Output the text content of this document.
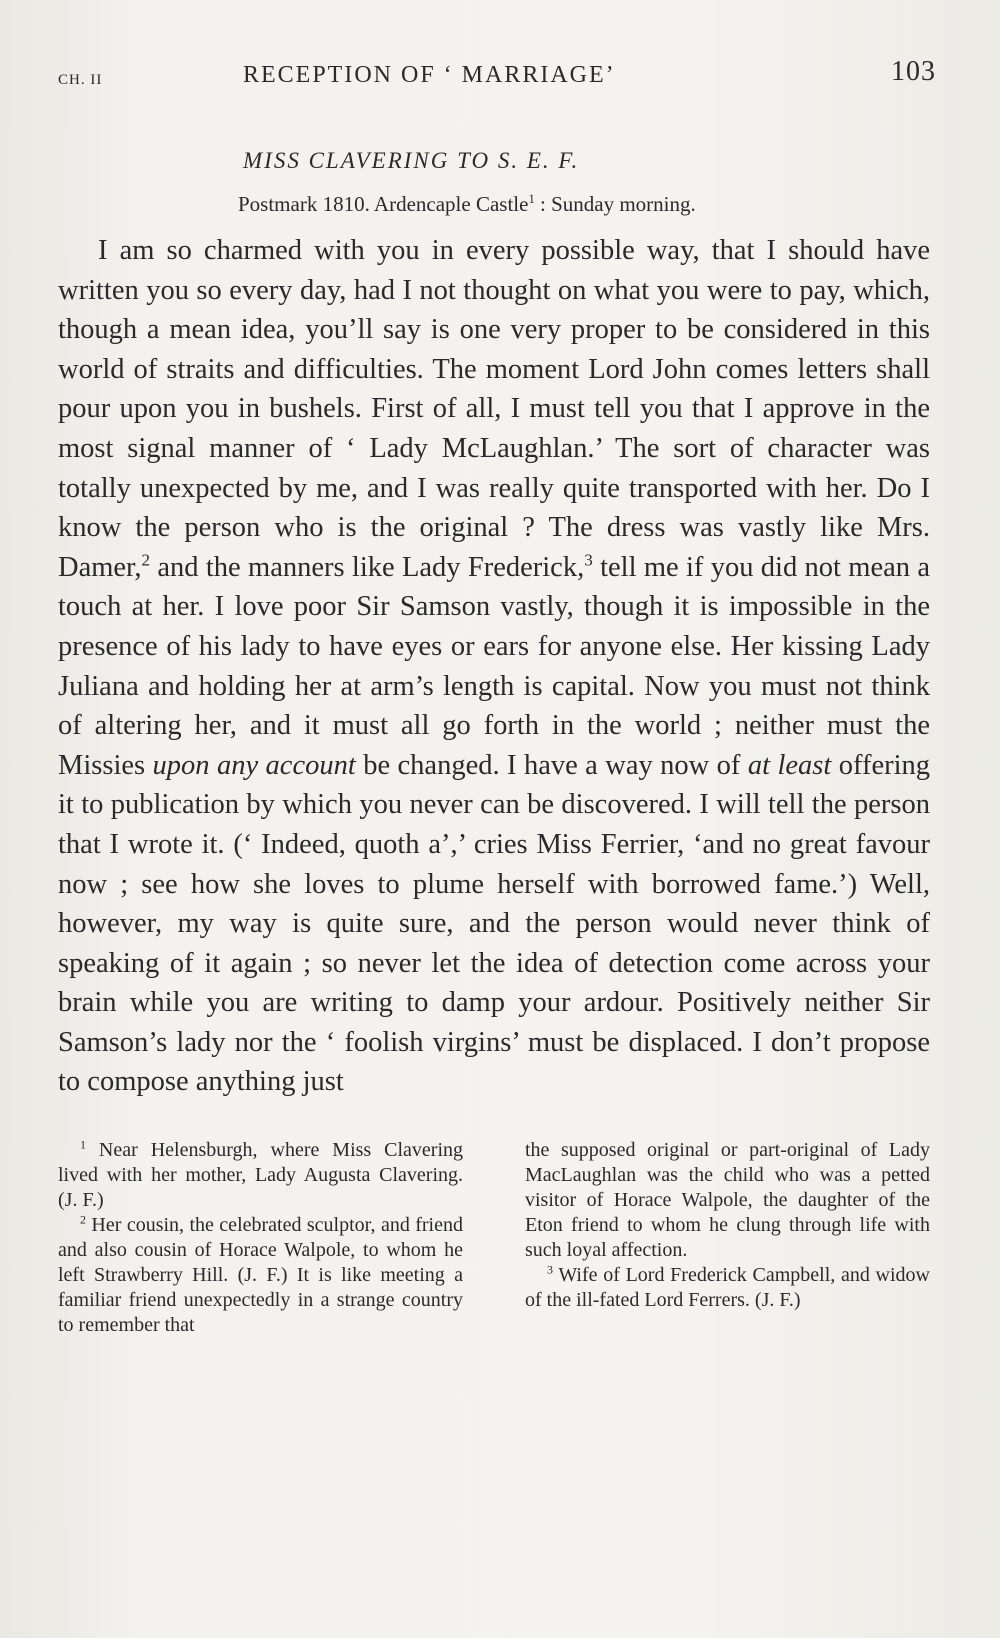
CH. II	RECEPTION OF ‘ MARRIAGE’	103
MISS CLAVERING TO S. E. F.
Postmark 1810. Ardencaple Castle$^1$ : Sunday morning.
I am so charmed with you in every possible way, that I should have written you so every day, had I not thought on what you were to pay, which, though a mean idea, you’ll say is one very proper to be considered in this world of straits and difficulties. The moment Lord John comes letters shall pour upon you in bushels. First of all, I must tell you that I approve in the most signal manner of ‘ Lady McLaughlan.’ The sort of character was totally unexpected by me, and I was really quite transported with her. Do I know the person who is the original ? The dress was vastly like Mrs. Damer,$^2$ and the manners like Lady Frederick,$^3$ tell me if you did not mean a touch at her. I love poor Sir Samson vastly, though it is impossible in the presence of his lady to have eyes or ears for anyone else. Her kissing Lady Juliana and holding her at arm’s length is capital. Now you must not think of altering her, and it must all go forth in the world ; neither must the Missies upon any account be changed. I have a way now of at least offering it to publication by which you never can be discovered. I will tell the person that I wrote it. (‘ Indeed, quoth a’,’ cries Miss Ferrier, ‘and no great favour now ; see how she loves to plume herself with borrowed fame.’) Well, however, my way is quite sure, and the person would never think of speaking of it again ; so never let the idea of detection come across your brain while you are writing to damp your ardour. Positively neither Sir Samson’s lady nor the ‘ foolish virgins’ must be displaced. I don’t propose to compose anything just

$^1$ Near Helensburgh, where Miss Clavering lived with her mother, Lady Augusta Clavering. (J. F.)

$^2$ Her cousin, the celebrated sculptor, and friend and also cousin of Horace Walpole, to whom he left Strawberry Hill. (J. F.) It is like meeting a familiar friend unexpectedly in a strange country to remember that

the supposed original or part-original of Lady MacLaughlan was the child who was a petted visitor of Horace Walpole, the daughter of the Eton friend to whom he clung through life with such loyal affection.

$^3$ Wife of Lord Frederick Campbell, and widow of the ill-fated Lord Ferrers. (J. F.)
